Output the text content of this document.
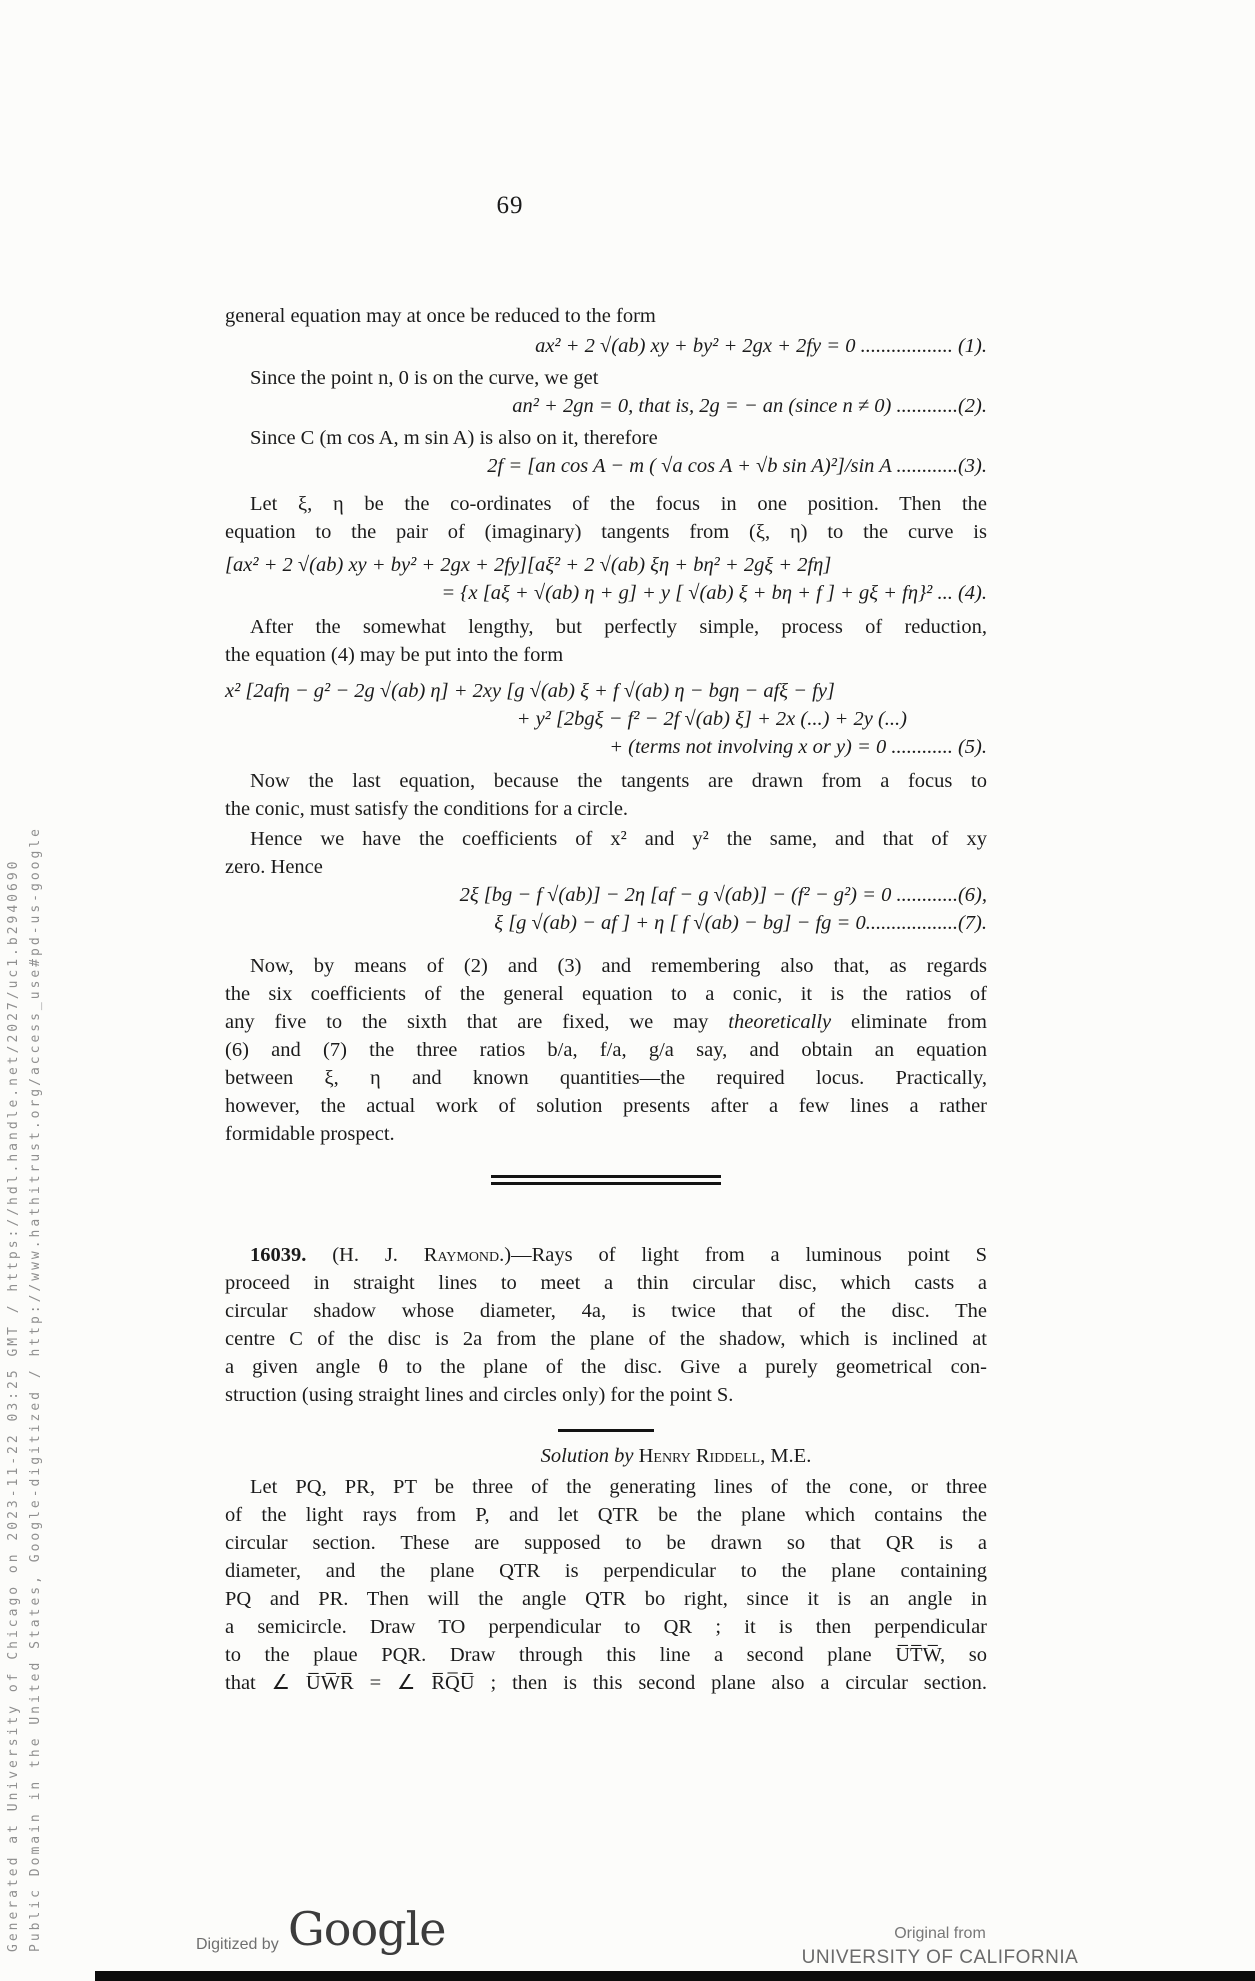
69
general equation may at once be reduced to the form
ax² + 2 √(ab) xy + by² + 2gx + 2fy = 0 .................. (1).
Since the point n, 0 is on the curve, we get
an² + 2gn = 0, that is, 2g = − an (since n ≠ 0) ............(2).
Since C (m cos A, m sin A) is also on it, therefore
2f = [an cos A − m ( √a cos A + √b sin A)²]/sin A ............(3).
Let ξ, η be the co-ordinates of the focus in one position. Then the
equation to the pair of (imaginary) tangents from (ξ, η) to the curve is
[ax² + 2 √(ab) xy + by² + 2gx + 2fy][aξ² + 2 √(ab) ξη + bη² + 2gξ + 2fη]
= {x [aξ + √(ab) η + g] + y [ √(ab) ξ + bη + f ] + gξ + fη}² ... (4).
After the somewhat lengthy, but perfectly simple, process of reduction,
the equation (4) may be put into the form
x² [2afη − g² − 2g √(ab) η] + 2xy [g √(ab) ξ + f √(ab) η − bgη − afξ − fy]
+ y² [2bgξ − f² − 2f √(ab) ξ] + 2x (...) + 2y (...)
+ (terms not involving x or y) = 0 ............ (5).
Now the last equation, because the tangents are drawn from a focus to
the conic, must satisfy the conditions for a circle.
Hence we have the coefficients of x² and y² the same, and that of xy
zero. Hence
2ξ [bg − f √(ab)] − 2η [af − g √(ab)] − (f² − g²) = 0 ............(6),
ξ [g √(ab) − af ] + η [ f √(ab) − bg] − fg = 0..................(7).
Now, by means of (2) and (3) and remembering also that, as regards
the six coefficients of the general equation to a conic, it is the ratios of
any five to the sixth that are fixed, we may theoretically eliminate from
(6) and (7) the three ratios b/a, f/a, g/a say, and obtain an equation
between ξ, η and known quantities—the required locus. Practically,
however, the actual work of solution presents after a few lines a rather
formidable prospect.
16039. (H. J. Raymond.)—Rays of light from a luminous point S
proceed in straight lines to meet a thin circular disc, which casts a
circular shadow whose diameter, 4a, is twice that of the disc. The
centre C of the disc is 2a from the plane of the shadow, which is inclined at
a given angle θ to the plane of the disc. Give a purely geometrical con-
struction (using straight lines and circles only) for the point S.
Solution by Henry Riddell, M.E.
Let PQ, PR, PT be three of the generating lines of the cone, or three
of the light rays from P, and let QTR be the plane which contains the
circular section. These are supposed to be drawn so that QR is a
diameter, and the plane QTR is perpendicular to the plane containing
PQ and PR. Then will the angle QTR bo right, since it is an angle in
a semicircle. Draw TO perpendicular to QR ; it is then perpendicular
to the plaue PQR. Draw through this line a second plane U̅T̅W̅, so
that ∠ U̅W̅R̅ = ∠ R̅Q̅U̅ ; then is this second plane also a circular section.
Generated at University of Chicago on 2023-11-22 03:25 GMT / https://hdl.handle.net/2027/uc1.b2940690 Public Domain in the United States, Google-digitized / http://www.hathitrust.org/access_use#pd-us-google	Digitized by Google	Original from
UNIVERSITY OF CALIFORNIA
